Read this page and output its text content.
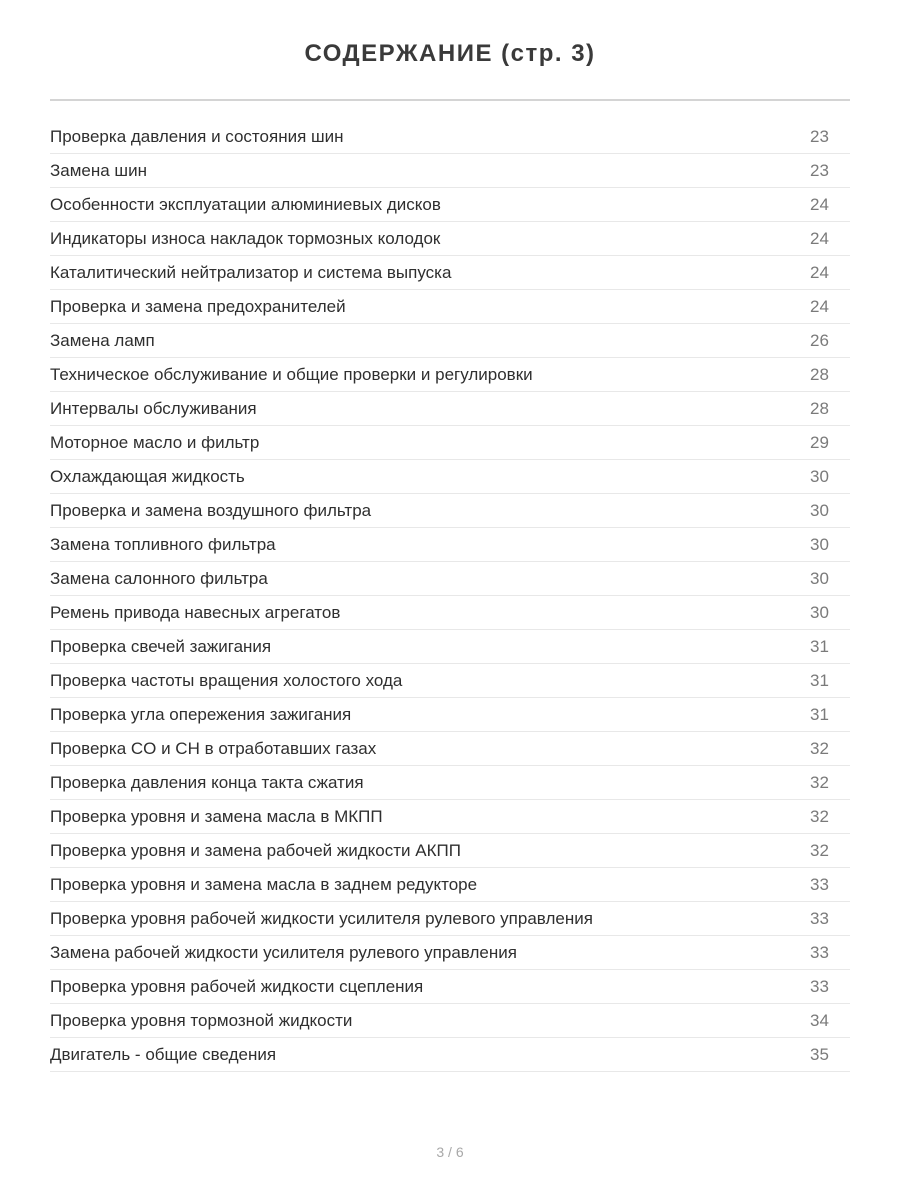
СОДЕРЖАНИЕ (стр. 3)
Проверка давления и состояния шин	23
Замена шин	23
Особенности эксплуатации алюминиевых дисков	24
Индикаторы износа накладок тормозных колодок	24
Каталитический нейтрализатор и система выпуска	24
Проверка и замена предохранителей	24
Замена ламп	26
Техническое обслуживание и общие проверки и регулировки	28
Интервалы обслуживания	28
Моторное масло и фильтр	29
Охлаждающая жидкость	30
Проверка и замена воздушного фильтра	30
Замена топливного фильтра	30
Замена салонного фильтра	30
Ремень привода навесных агрегатов	30
Проверка свечей зажигания	31
Проверка частоты вращения холостого хода	31
Проверка угла опережения зажигания	31
Проверка CO и CH в отработавших газах	32
Проверка давления конца такта сжатия	32
Проверка уровня и замена масла в МКПП	32
Проверка уровня и замена рабочей жидкости АКПП	32
Проверка уровня и замена масла в заднем редукторе	33
Проверка уровня рабочей жидкости усилителя рулевого управления	33
Замена рабочей жидкости усилителя рулевого управления	33
Проверка уровня рабочей жидкости сцепления	33
Проверка уровня тормозной жидкости	34
Двигатель - общие сведения	35
3 / 6
